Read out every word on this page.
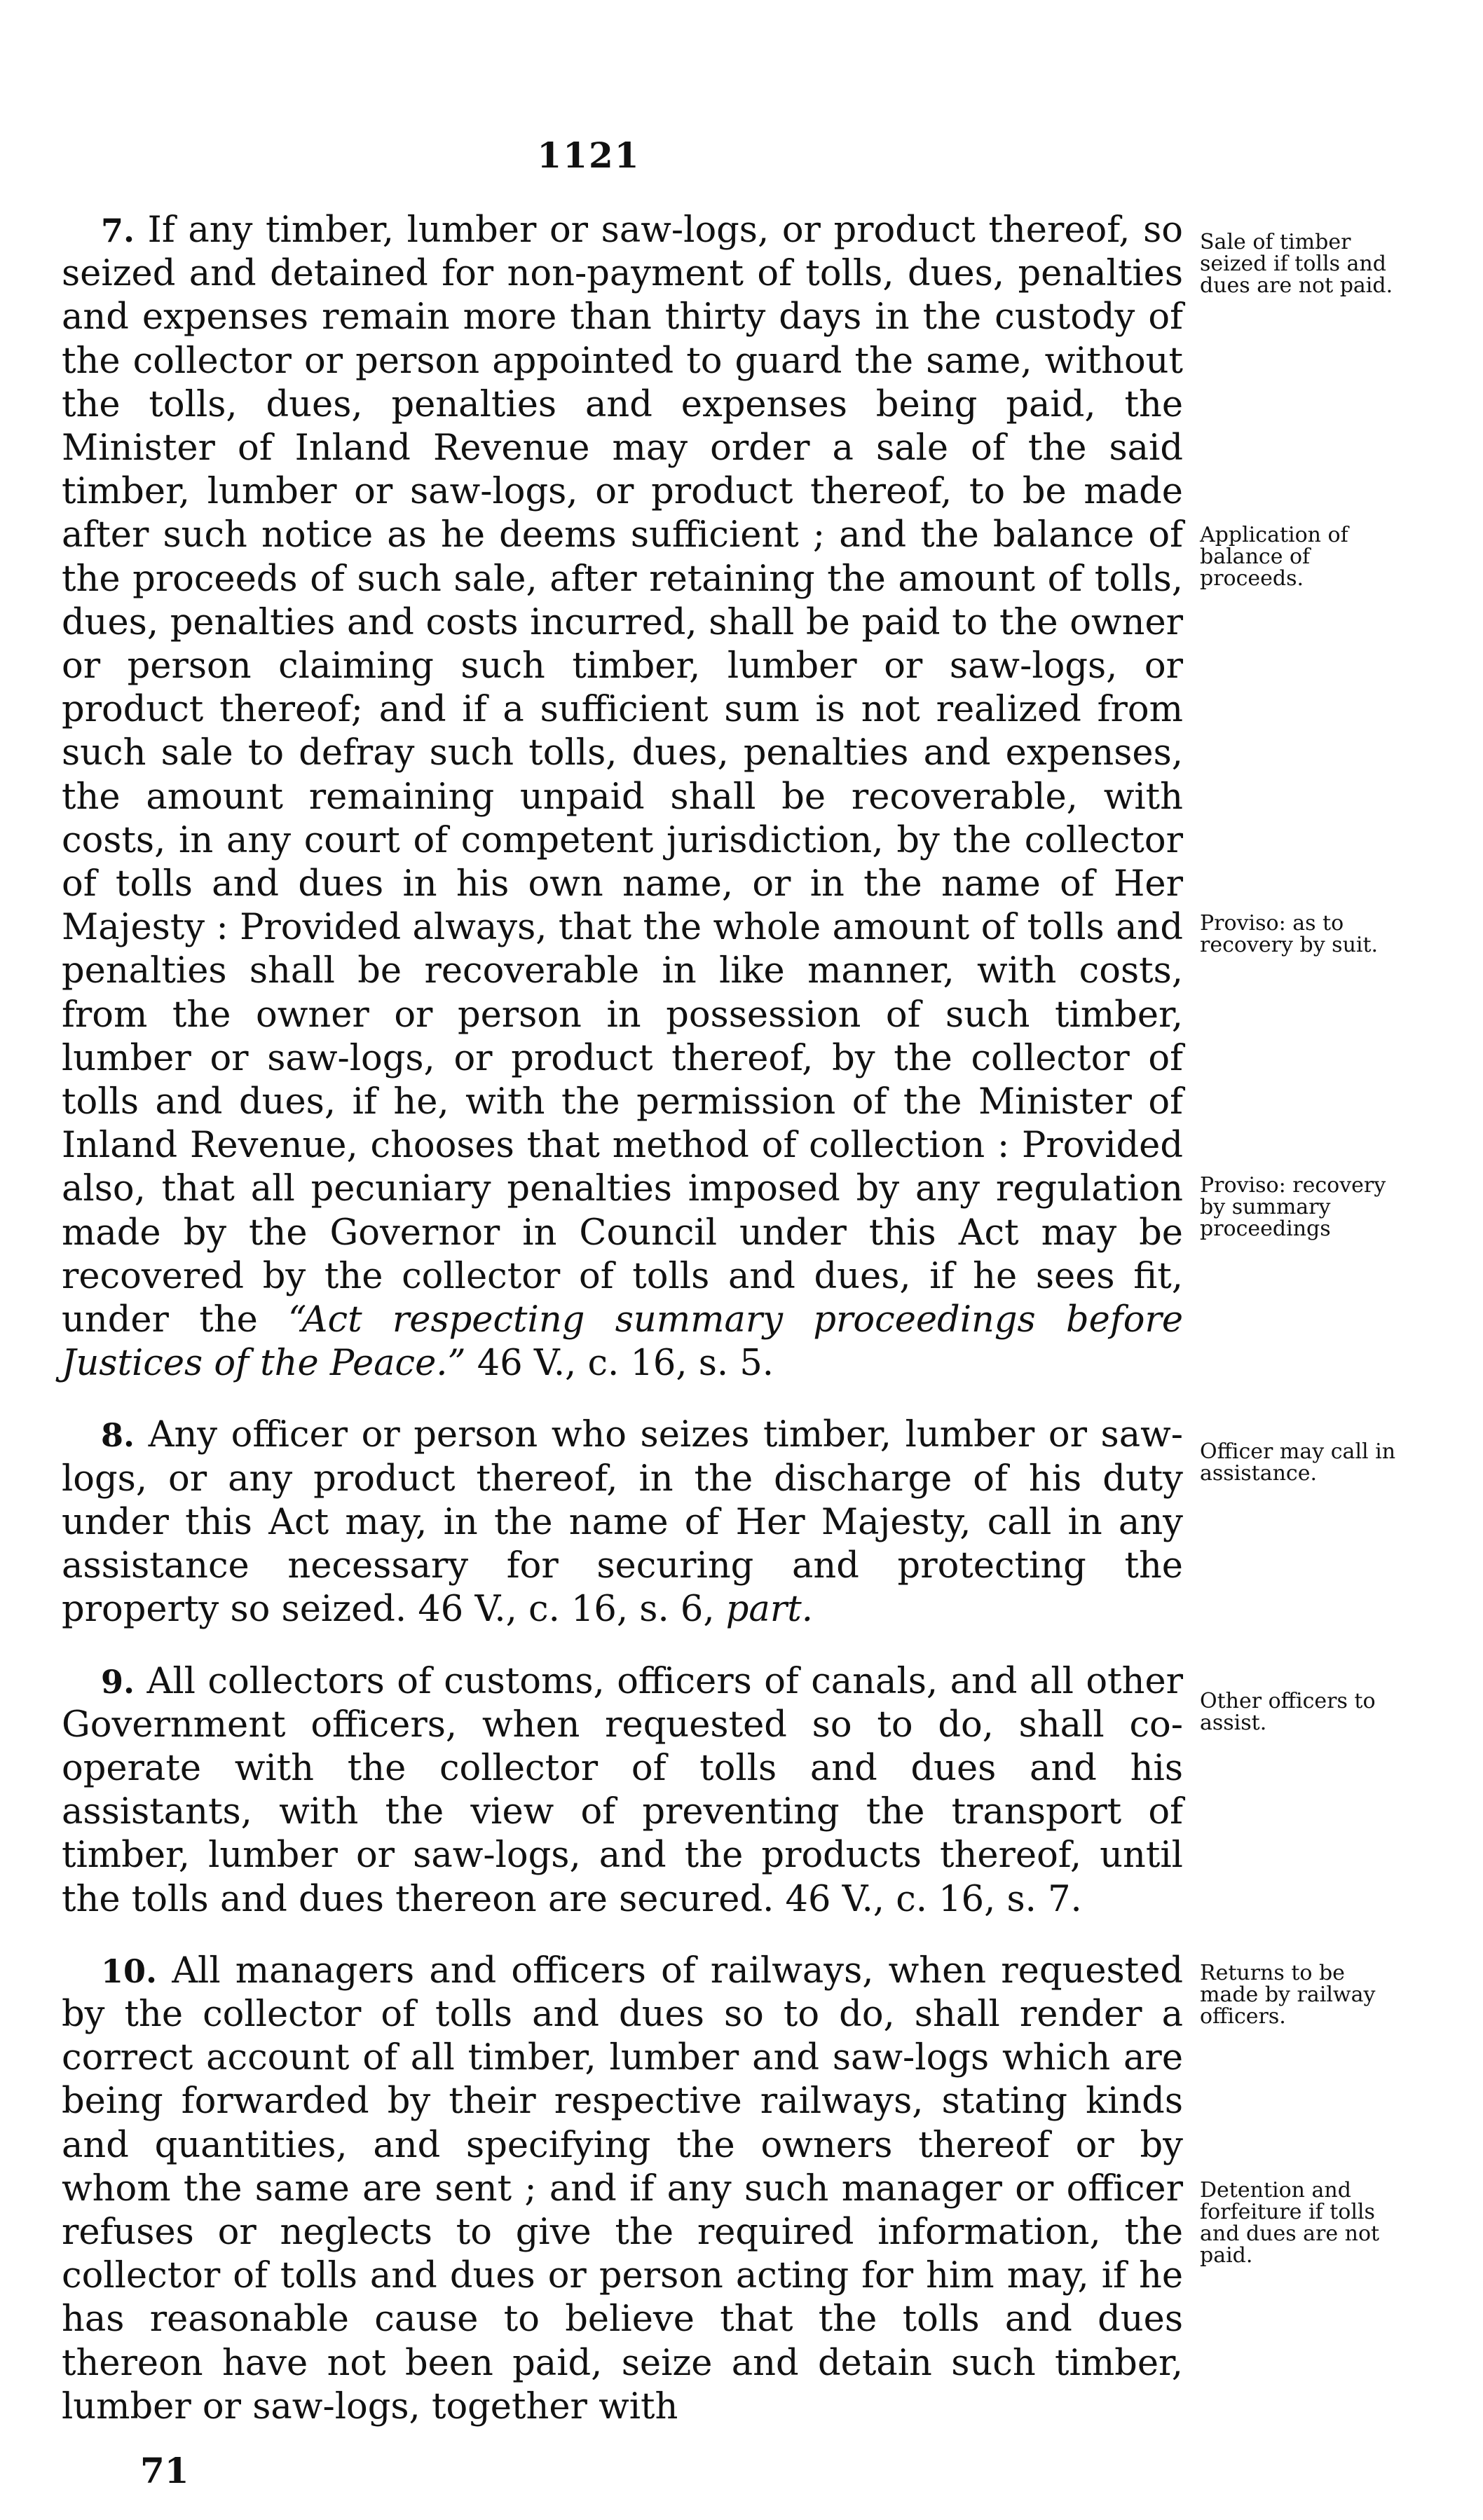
1121

7. If any timber, lumber or saw-logs, or product thereof, so seized and detained for non-payment of tolls, dues, penalties and expenses remain more than thirty days in the custody of the collector or person appointed to guard the same, without the tolls, dues, penalties and expenses being paid, the Minister of Inland Revenue may order a sale of the said timber, lumber or saw-logs, or product thereof, to be made after such notice as he deems sufficient ; and the balance of the proceeds of such sale, after retaining the amount of tolls, dues, penalties and costs incurred, shall be paid to the owner or person claiming such timber, lumber or saw-logs, or product thereof; and if a sufficient sum is not realized from such sale to defray such tolls, dues, penalties and expenses, the amount remaining unpaid shall be recoverable, with costs, in any court of competent jurisdiction, by the collector of tolls and dues in his own name, or in the name of Her Majesty : Provided always, that the whole amount of tolls and penalties shall be recoverable in like manner, with costs, from the owner or person in possession of such timber, lumber or saw-logs, or product thereof, by the collector of tolls and dues, if he, with the permission of the Minister of Inland Revenue, chooses that method of collection : Provided also, that all pecuniary penalties imposed by any regulation made by the Governor in Council under this Act may be recovered by the collector of tolls and dues, if he sees fit, under the “Act respecting summary proceedings before Justices of the Peace.” 46 V., c. 16, s. 5.

8. Any officer or person who seizes timber, lumber or saw-logs, or any product thereof, in the discharge of his duty under this Act may, in the name of Her Majesty, call in any assistance necessary for securing and protecting the property so seized. 46 V., c. 16, s. 6, part.

9. All collectors of customs, officers of canals, and all other Government officers, when requested so to do, shall co-operate with the collector of tolls and dues and his assistants, with the view of preventing the transport of timber, lumber or saw-logs, and the products thereof, until the tolls and dues thereon are secured. 46 V., c. 16, s. 7.

10. All managers and officers of railways, when requested by the collector of tolls and dues so to do, shall render a correct account of all timber, lumber and saw-logs which are being forwarded by their respective railways, stating kinds and quantities, and specifying the owners thereof or by whom the same are sent ; and if any such manager or officer refuses or neglects to give the required information, the collector of tolls and dues or person acting for him may, if he has reasonable cause to believe that the tolls and dues thereon have not been paid, seize and detain such timber, lumber or saw-logs, together with

Sale of timber seized if tolls and dues are not paid.
Application of balance of proceeds.
Proviso: as to recovery by suit.
Proviso: recovery by summary proceedings
Officer may call in assistance.
Other officers to assist.
Returns to be made by railway officers.
Detention and forfeiture if tolls and dues are not paid.
71
